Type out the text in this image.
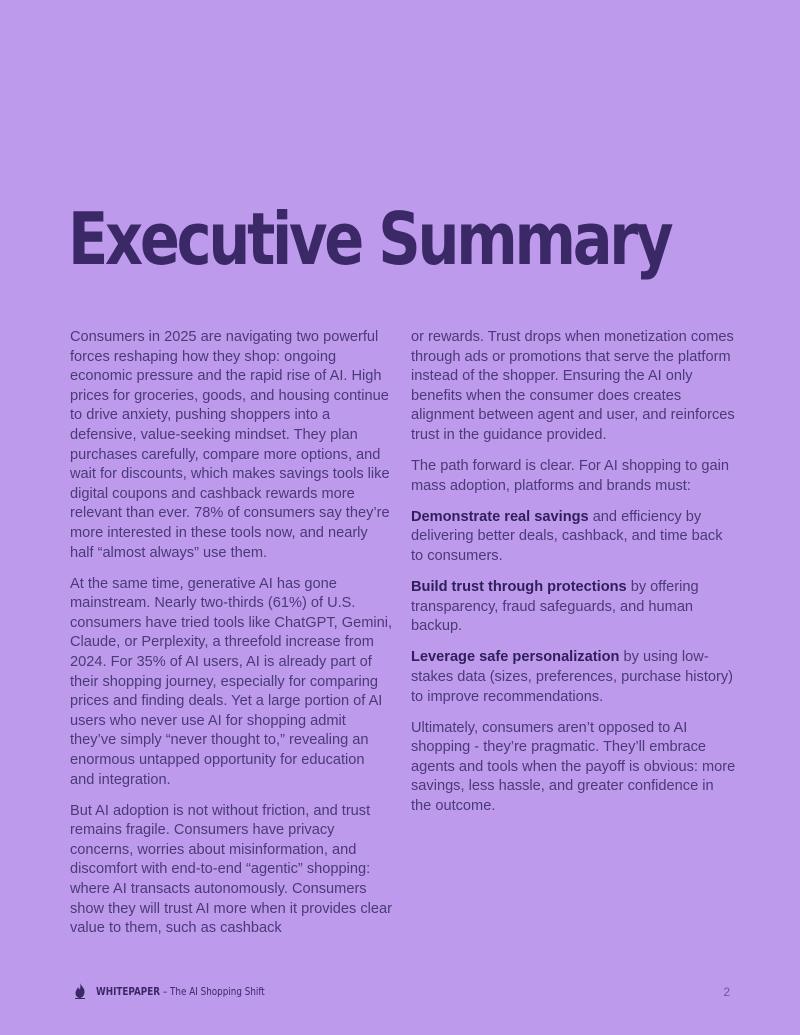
Executive Summary

Consumers in 2025 are navigating two powerful forces reshaping how they shop: ongoing economic pressure and the rapid rise of AI. High prices for groceries, goods, and housing continue to drive anxiety, pushing shoppers into a defensive, value-seeking mindset. They plan purchases carefully, compare more options, and wait for discounts, which makes savings tools like digital coupons and cashback rewards more relevant than ever. 78% of consumers say they’re more interested in these tools now, and nearly half “almost always” use them.

At the same time, generative AI has gone mainstream. Nearly two-thirds (61%) of U.S. consumers have tried tools like ChatGPT, Gemini, Claude, or Perplexity, a threefold increase from 2024. For 35% of AI users, AI is already part of their shopping journey, especially for comparing prices and finding deals. Yet a large portion of AI users who never use AI for shopping admit they’ve simply “never thought to,” revealing an enormous untapped opportunity for education and integration.

But AI adoption is not without friction, and trust remains fragile. Consumers have privacy concerns, worries about misinformation, and discomfort with end-to-end “agentic” shopping: where AI transacts autonomously. Consumers show they will trust AI more when it provides clear value to them, such as cashback

or rewards. Trust drops when monetization comes through ads or promotions that serve the platform instead of the shopper. Ensuring the AI only benefits when the consumer does creates alignment between agent and user, and reinforces trust in the guidance provided.

The path forward is clear. For AI shopping to gain mass adoption, platforms and brands must:

Demonstrate real savings and efficiency by delivering better deals, cashback, and time back to consumers.

Build trust through protections by offering transparency, fraud safeguards, and human backup.

Leverage safe personalization by using low-stakes data (sizes, preferences, purchase history) to improve recommendations.

Ultimately, consumers aren’t opposed to AI shopping - they’re pragmatic. They’ll embrace agents and tools when the payoff is obvious: more savings, less hassle, and greater confidence in the outcome.

WHITEPAPER – The AI Shopping Shift	2
